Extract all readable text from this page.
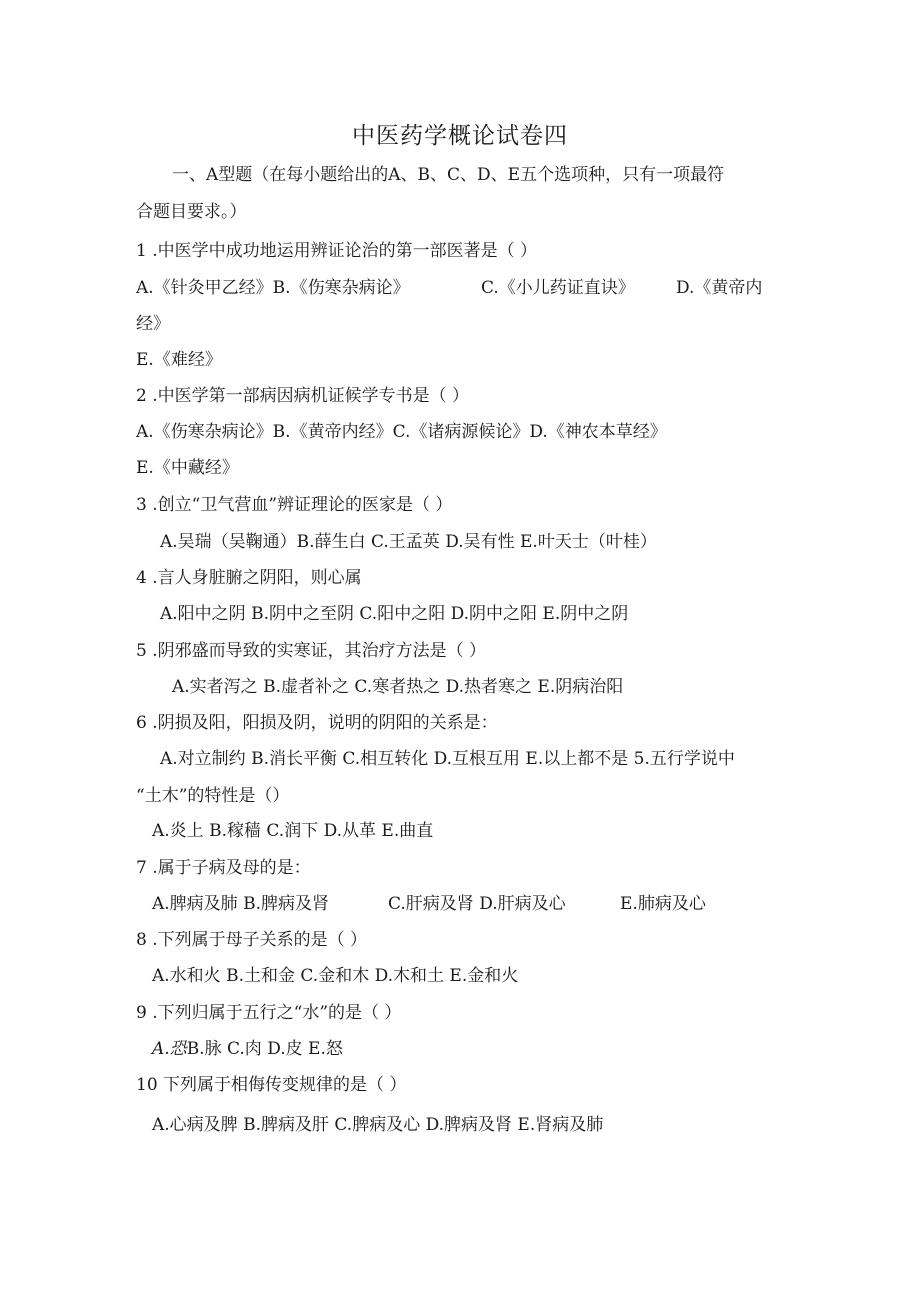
中医药学概论试卷四
一、A型题（在每小题给出的A、B、C、D、E五个选项种，只有一项最符
合题目要求。）
1 .中医学中成功地运用辨证论治的第一部医著是（ ）
A.《针灸甲乙经》B.《伤寒杂病论》	C.《小儿药证直诀》 D.《黄帝内
经》
E.《难经》
2 .中医学第一部病因病机证候学专书是（ ）
A.《伤寒杂病论》B.《黄帝内经》C.《诸病源候论》D.《神农本草经》
E.《中藏经》
3 .创立“卫气营血”辨证理论的医家是（ ）
A.吴瑞（吴鞠通）B.薛生白 C.王孟英 D.吴有性 E.叶天士（叶桂）
4 .言人身脏腑之阴阳，则心属
A.阳中之阴 B.阴中之至阴 C.阳中之阳 D.阴中之阳 E.阴中之阴
5 .阴邪盛而导致的实寒证，其治疗方法是（ ）
A.实者泻之 B.虚者补之 C.寒者热之 D.热者寒之 E.阴病治阳
6 .阴损及阳，阳损及阴，说明的阴阳的关系是：
A.对立制约 B.消长平衡 C.相互转化 D.互根互用 E.以上都不是 5.五行学说中
“土木”的特性是（）
A.炎上 B.稼穑 C.润下 D.从革 E.曲直
7 .属于子病及母的是：
A.脾病及肺 B.脾病及肾	C.肝病及肾 D.肝病及心	E.肺病及心
8 .下列属于母子关系的是（ ）
A.水和火 B.土和金 C.金和木 D.木和土 E.金和火
9 .下列归属于五行之“水”的是（ ）
A.恐B.脉 C.肉 D.皮 E.怒
10 下列属于相侮传变规律的是（ ）
A.心病及脾 B.脾病及肝 C.脾病及心 D.脾病及肾 E.肾病及肺
